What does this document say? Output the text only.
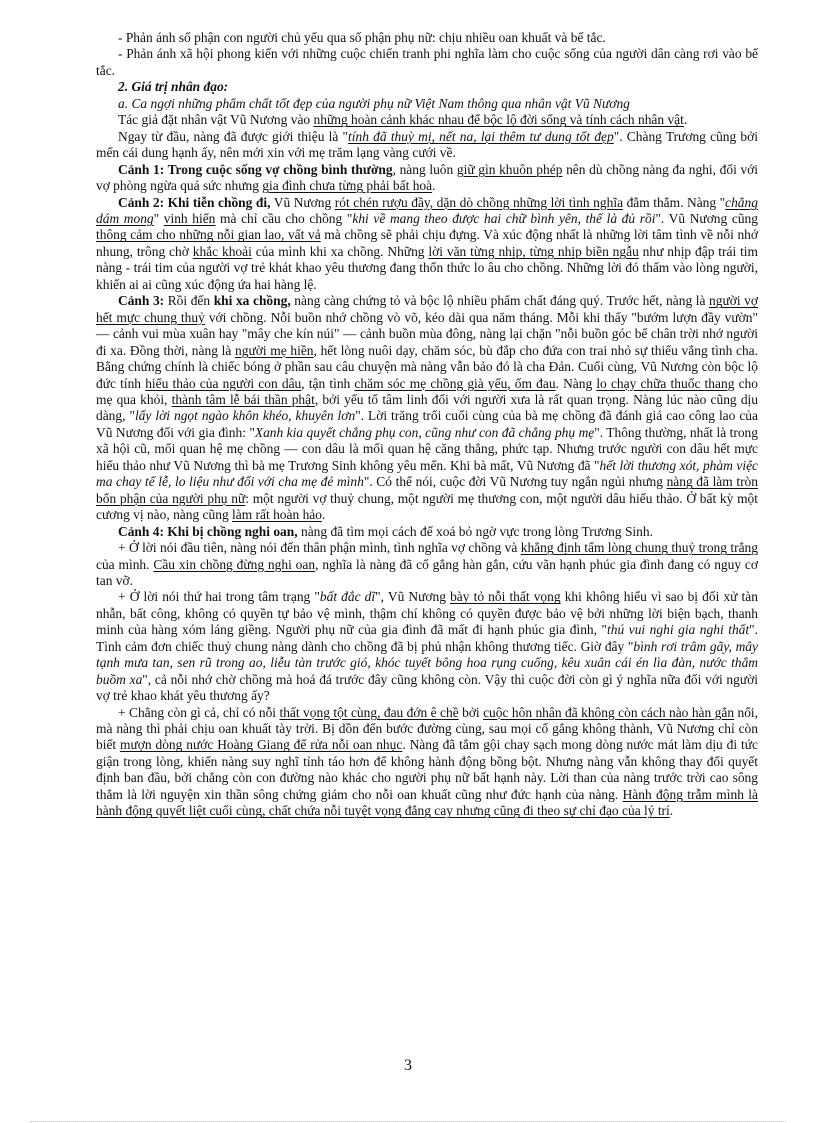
- Phản ánh số phận con người chủ yếu qua số phận phụ nữ: chịu nhiều oan khuất và bế tắc.

- Phản ánh xã hội phong kiến với những cuộc chiến tranh phi nghĩa làm cho cuộc sống của người dân càng rơi vào bế tắc.

2. Giá trị nhân đạo:

a. Ca ngợi những phẩm chất tốt đẹp của người phụ nữ Việt Nam thông qua nhân vật Vũ Nương

Tác giả đặt nhân vật Vũ Nương vào những hoàn cảnh khác nhau để bộc lộ đời sống và tính cách nhân vật.

Ngay từ đầu, nàng đã được giới thiệu là "tính đã thuỳ mị, nết na, lại thêm tư dung tốt đẹp". Chàng Trương cũng bởi mến cái dung hạnh ấy, nên mới xin với mẹ trăm lạng vàng cưới về.

Cảnh 1: Trong cuộc sống vợ chồng bình thường, nàng luôn giữ gìn khuôn phép nên dù chồng nàng đa nghi, đối với vợ phòng ngừa quá sức nhưng gia đình chưa từng phải bất hoà.

Cảnh 2: Khi tiễn chồng đi, Vũ Nương rót chén rượu đầy, dặn dò chồng những lời tình nghĩa đằm thắm. Nàng "chẳng dám mong" vinh hiển mà chỉ cầu cho chồng "khi về mang theo được hai chữ bình yên, thế là đủ rồi". Vũ Nương cũng thông cảm cho những nỗi gian lao, vất vả mà chồng sẽ phải chịu đựng. Và xúc động nhất là những lời tâm tình về nỗi nhớ nhung, trông chờ khắc khoải của mình khi xa chồng. Những lời văn từng nhịp, từng nhịp biền ngẫu như nhịp đập trái tim nàng - trái tim của người vợ trẻ khát khao yêu thương đang thổn thức lo âu cho chồng. Những lời đó thấm vào lòng người, khiến ai ai cũng xúc động ứa hai hàng lệ.

Cảnh 3: Rồi đến khi xa chồng, nàng càng chứng tỏ và bộc lộ nhiều phẩm chất đáng quý. Trước hết, nàng là người vợ hết mực chung thuỷ với chồng. Nỗi buồn nhớ chồng vò võ, kéo dài qua năm tháng. Mỗi khi thấy "bướm lượn đầy vườn" — cảnh vui mùa xuân hay "mây che kín núi" — cảnh buồn mùa đông, nàng lại chặn "nỗi buồn góc bể chân trời nhớ người đi xa. Đồng thời, nàng là người mẹ hiền, hết lòng nuôi dạy, chăm sóc, bù đắp cho đứa con trai nhỏ sự thiếu vắng tình cha. Bằng chứng chính là chiếc bóng ở phần sau câu chuyện mà nàng vẫn bảo đó là cha Đản. Cuối cùng, Vũ Nương còn bộc lộ đức tính hiếu thảo của người con dâu, tận tình chăm sóc mẹ chồng già yếu, ốm đau. Nàng lo chạy chữa thuốc thang cho mẹ qua khỏi, thành tâm lễ bái thần phật, bởi yếu tố tâm linh đối với người xưa là rất quan trọng. Nàng lúc nào cũng dịu dàng, "lấy lời ngọt ngào khôn khéo, khuyên lơn". Lời trăng trối cuối cùng của bà mẹ chồng đã đánh giá cao công lao của Vũ Nương đối với gia đình: "Xanh kia quyết chẳng phụ con, cũng như con đã chẳng phụ mẹ". Thông thường, nhất là trong xã hội cũ, mối quan hệ mẹ chồng — con dâu là mối quan hệ căng thẳng, phức tạp. Nhưng trước người con dâu hết mực hiếu thảo như Vũ Nương thì bà mẹ Trương Sinh không yêu mến. Khi bà mất, Vũ Nương đã "hết lời thương xót, phàm việc ma chay tế lễ, lo liệu như đối với cha mẹ đẻ mình". Có thể nói, cuộc đời Vũ Nương tuy ngắn ngủi nhưng nàng đã làm tròn bổn phận của người phụ nữ: một người vợ thuỷ chung, một người mẹ thương con, một người dâu hiếu thảo. Ở bất kỳ một cương vị nào, nàng cũng làm rất hoàn hảo.

Cảnh 4: Khi bị chồng nghi oan, nàng đã tìm mọi cách để xoá bỏ ngờ vực trong lòng Trương Sinh.

+ Ở lời nói đầu tiên, nàng nói đến thân phận mình, tình nghĩa vợ chồng và khẳng định tấm lòng chung thuỷ trong trắng của mình. Cầu xin chồng đừng nghi oan, nghĩa là nàng đã cố gắng hàn gắn, cứu vãn hạnh phúc gia đình đang có nguy cơ tan vỡ.

+ Ở lời nói thứ hai trong tâm trạng "bất đắc dĩ", Vũ Nương bày tỏ nỗi thất vọng khi không hiểu vì sao bị đối xử tàn nhẫn, bất công, không có quyền tự bảo vệ mình, thậm chí không có quyền được bảo vệ bởi những lời biện bạch, thanh minh của hàng xóm láng giềng. Người phụ nữ của gia đình đã mất đi hạnh phúc gia đình, "thú vui nghi gia nghi thất". Tình cảm đơn chiếc thuỷ chung nàng dành cho chồng đã bị phủ nhận không thương tiếc. Giờ đây "bình rơi trâm gãy, mây tạnh mưa tan, sen rũ trong ao, liễu tàn trước gió, khóc tuyết bông hoa rụng cuống, kêu xuân cái én lìa đàn, nước thẳm buồm xa", cả nỗi nhớ chờ chồng mà hoá đá trước đây cũng không còn. Vậy thì cuộc đời còn gì ý nghĩa nữa đối với người vợ trẻ khao khát yêu thương ấy?

+ Chẳng còn gì cả, chỉ có nỗi thất vọng tột cùng, đau đớn ê chề bởi cuộc hôn nhân đã không còn cách nào hàn gắn nổi, mà nàng thì phải chịu oan khuất tày trời. Bị dồn đến bước đường cùng, sau mọi cố gắng không thành, Vũ Nương chỉ còn biết mượn dòng nước Hoàng Giang để rửa nỗi oan nhục. Nàng đã tắm gội chay sạch mong dòng nước mát làm dịu đi tức giận trong lòng, khiến nàng suy nghĩ tỉnh táo hơn để không hành động bồng bột. Nhưng nàng vẫn không thay đổi quyết định ban đầu, bởi chẳng còn con đường nào khác cho người phụ nữ bất hạnh này. Lời than của nàng trước trời cao sông thẳm là lời nguyện xin thần sông chứng giám cho nỗi oan khuất cũng như đức hạnh của nàng. Hành động trẫm mình là hành động quyết liệt cuối cùng, chất chứa nỗi tuyệt vọng đắng cay nhưng cũng đi theo sự chỉ đạo của lý trí.

3
